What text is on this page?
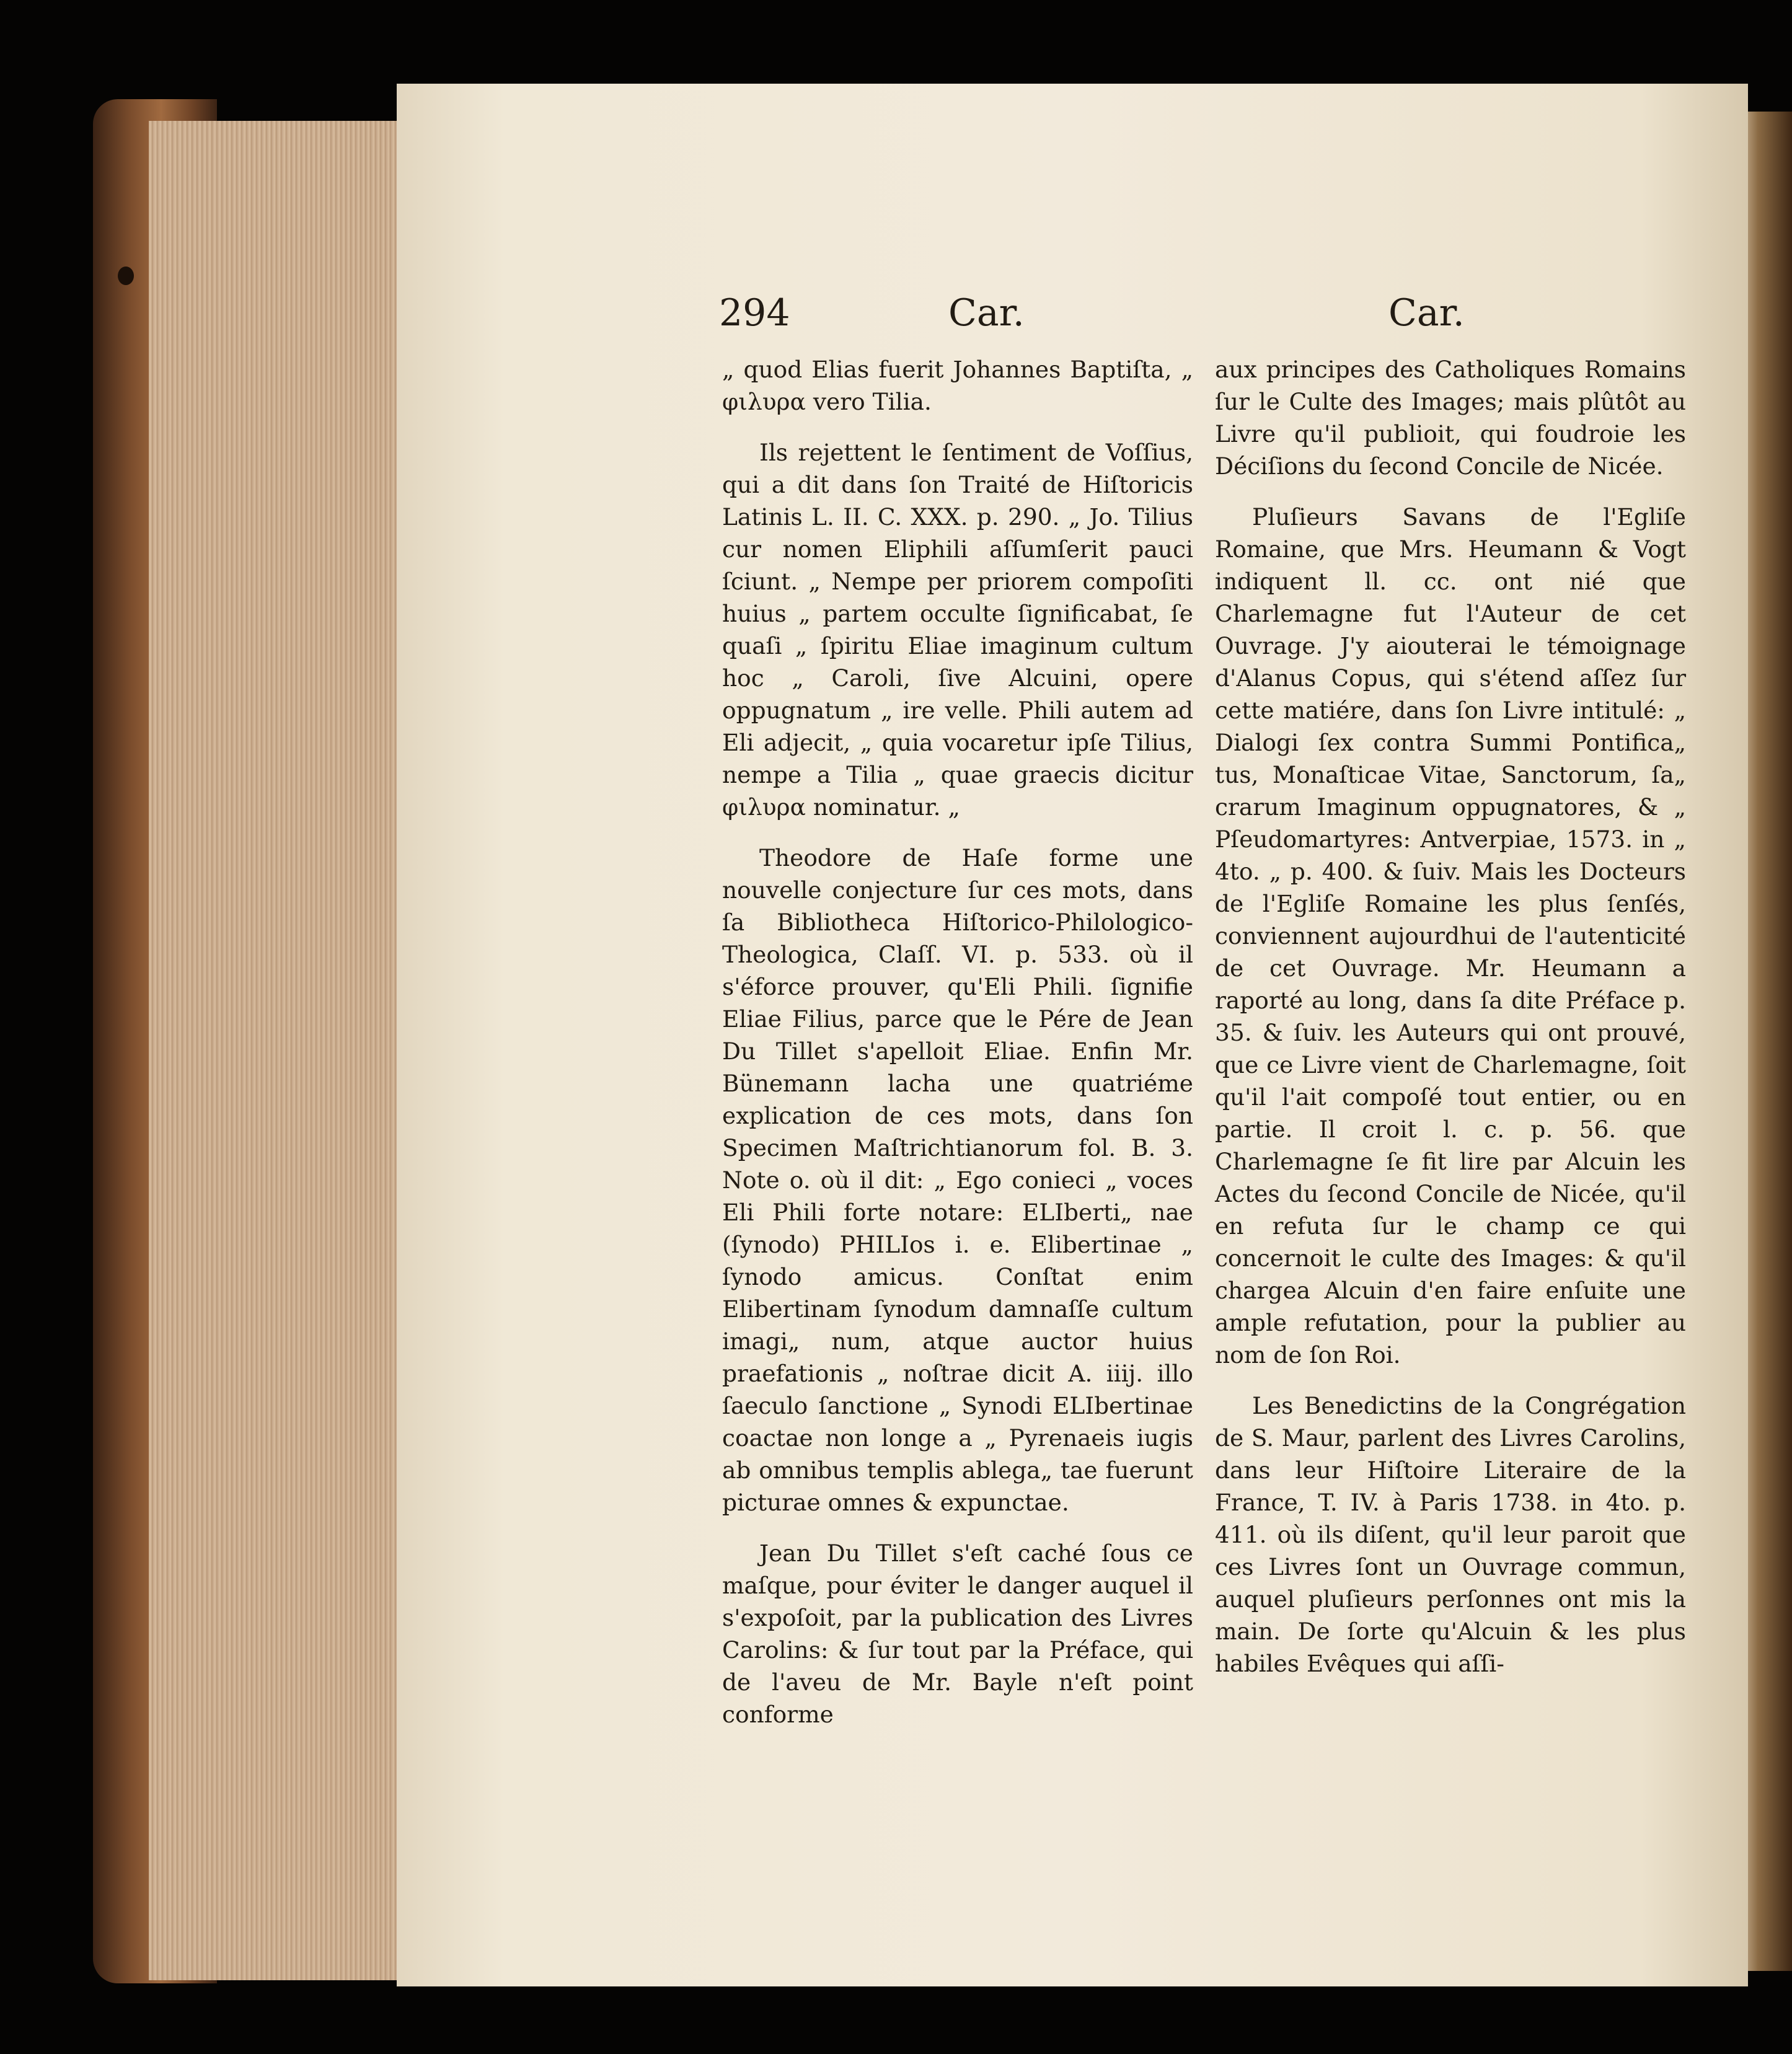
294	Car.	Car.

„ quod Elias fuerit Johannes Baptiſta, „ φιλυρα vero Tilia.

Ils rejettent le ſentiment de Voſſius, qui a dit dans ſon Traité de Hiſtoricis Latinis L. II. C. XXX. p. 290. „ Jo. Tilius cur nomen Eliphili aſſumſerit pauci ſciunt. „ Nempe per priorem compoſiti huius „ partem occulte ſignificabat, ſe quaſi „ ſpiritu Eliae imaginum cultum hoc „ Caroli, ſive Alcuini, opere oppugnatum „ ire velle. Phili autem ad Eli adjecit, „ quia vocaretur ipſe Tilius, nempe a Tilia „ quae graecis dicitur φιλυρα nominatur. „

Theodore de Haſe forme une nouvelle conjecture ſur ces mots, dans ſa Bibliotheca Hiſtorico-Philologico-Theologica, Claſſ. VI. p. 533. où il s'éforce prouver, qu'Eli Phili. ſignifie Eliae Filius, parce que le Pére de Jean Du Tillet s'apelloit Eliae. Enfin Mr. Bünemann lacha une quatriéme explication de ces mots, dans ſon Specimen Maſtrichtianorum fol. B. 3. Note o. où il dit: „ Ego conieci „ voces Eli Phili forte notare: ELIberti„ nae (ſynodo) PHILIos i. e. Elibertinae „ ſynodo amicus. Conſtat enim Elibertinam ſynodum damnaſſe cultum imagi„ num, atque auctor huius praefationis „ noſtrae dicit A. iiij. illo ſaeculo ſanctione „ Synodi ELIbertinae coactae non longe a „ Pyrenaeis iugis ab omnibus templis ablega„ tae fuerunt picturae omnes & expunctae.

Jean Du Tillet s'eſt caché ſous ce maſque, pour éviter le danger auquel il s'expoſoit, par la publication des Livres Carolins: & ſur tout par la Préface, qui de l'aveu de Mr. Bayle n'eſt point conforme

aux principes des Catholiques Romains ſur le Culte des Images; mais plûtôt au Livre qu'il publioit, qui foudroie les Déciſions du ſecond Concile de Nicée.

Pluſieurs Savans de l'Egliſe Romaine, que Mrs. Heumann & Vogt indiquent ll. cc. ont nié que Charlemagne fut l'Auteur de cet Ouvrage. J'y aiouterai le témoignage d'Alanus Copus, qui s'étend aſſez ſur cette matiére, dans ſon Livre intitulé: „ Dialogi ſex contra Summi Pontifica„ tus, Monaſticae Vitae, Sanctorum, ſa„ crarum Imaginum oppugnatores, & „ Pſeudomartyres: Antverpiae, 1573. in „ 4to. „ p. 400. & ſuiv. Mais les Docteurs de l'Egliſe Romaine les plus ſenſés, conviennent aujourdhui de l'autenticité de cet Ouvrage. Mr. Heumann a raporté au long, dans ſa dite Préface p. 35. & ſuiv. les Auteurs qui ont prouvé, que ce Livre vient de Charlemagne, ſoit qu'il l'ait compoſé tout entier, ou en partie. Il croit l. c. p. 56. que Charlemagne ſe fit lire par Alcuin les Actes du ſecond Concile de Nicée, qu'il en refuta ſur le champ ce qui concernoit le culte des Images: & qu'il chargea Alcuin d'en faire enſuite une ample refutation, pour la publier au nom de ſon Roi.

Les Benedictins de la Congrégation de S. Maur, parlent des Livres Carolins, dans leur Hiſtoire Literaire de la France, T. IV. à Paris 1738. in 4to. p. 411. où ils diſent, qu'il leur paroit que ces Livres ſont un Ouvrage commun, auquel pluſieurs perſonnes ont mis la main. De ſorte qu'Alcuin & les plus habiles Evêques qui aſſi-
